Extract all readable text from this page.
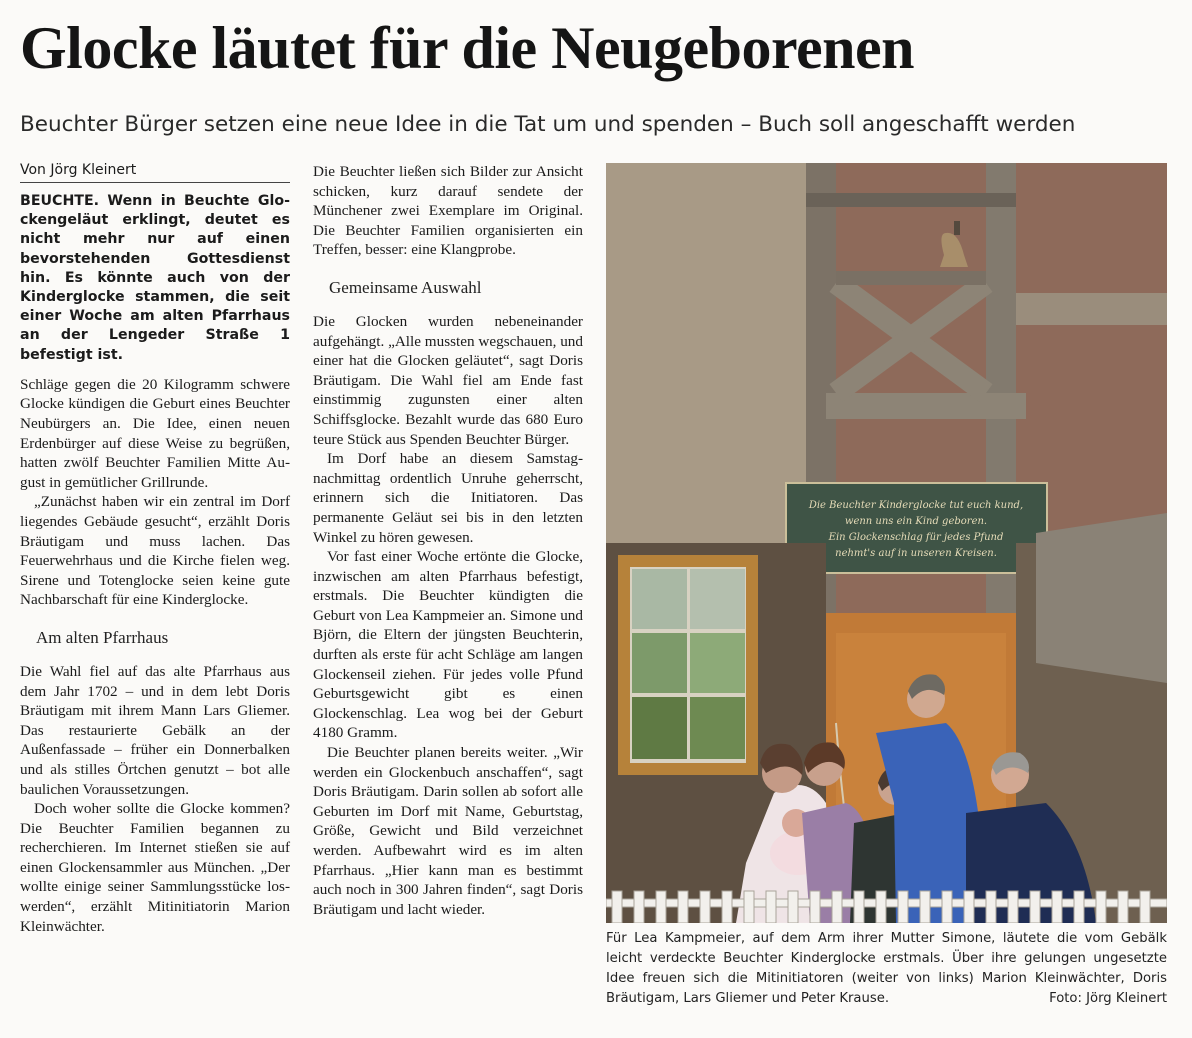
Glocke läutet für die Neugeborenen

Beuchter Bürger setzen eine neue Idee in die Tat um und spenden – Buch soll angeschafft werden

Von Jörg Kleinert

BEUCHTE. Wenn in Beuchte Glockengeläut erklingt, deutet es nicht mehr nur auf einen bevorstehenden Gottesdienst hin. Es könnte auch von der Kinderglocke stammen, die seit einer Woche am alten Pfarrhaus an der Lengeder Straße 1 befestigt ist.

Schläge gegen die 20 Kilogramm schwere Glocke kündigen die Geburt eines Beuchter Neubürgers an. Die Idee, einen neuen Erdenbürger auf diese Weise zu begrüßen, hatten zwölf Beuchter Familien Mitte August in gemütlicher Grillrunde.

„Zunächst haben wir ein zentral im Dorf liegendes Gebäude gesucht“, erzählt Doris Bräutigam und muss lachen. Das Feuerwehrhaus und die Kirche fielen weg. Sirene und Totenglocke seien keine gute Nachbarschaft für eine Kinderglocke.

Am alten Pfarrhaus

Die Wahl fiel auf das alte Pfarrhaus aus dem Jahr 1702 – und in dem lebt Doris Bräutigam mit ihrem Mann Lars Gliemer. Das restaurierte Gebälk an der Außenfassade – früher ein Donnerbalken und als stilles Örtchen genutzt – bot alle baulichen Voraussetzungen.

Doch woher sollte die Glocke kommen? Die Beuchter Familien begannen zu recherchieren. Im Internet stießen sie auf einen Glockensammler aus München. „Der wollte einige seiner Sammlungsstücke loswerden“, erzählt Mitinitiatorin Marion Kleinwächter.

Die Beuchter ließen sich Bilder zur Ansicht schicken, kurz darauf sendete der Münchener zwei Exemplare im Original. Die Beuchter Familien organisierten ein Treffen, besser: eine Klangprobe.

Gemeinsame Auswahl

Die Glocken wurden nebeneinander aufgehängt. „Alle mussten wegschauen, und einer hat die Glocken geläutet“, sagt Doris Bräutigam. Die Wahl fiel am Ende fast einstimmig zugunsten einer alten Schiffsglocke. Bezahlt wurde das 680 Euro teure Stück aus Spenden Beuchter Bürger.

Im Dorf habe an diesem Samstagnachmittag ordentlich Unruhe geherrscht, erinnern sich die Initiatoren. Das permanente Geläut sei bis in den letzten Winkel zu hören gewesen.

Vor fast einer Woche ertönte die Glocke, inzwischen am alten Pfarrhaus befestigt, erstmals. Die Beuchter kündigten die Geburt von Lea Kampmeier an. Simone und Björn, die Eltern der jüngsten Beuchterin, durften als erste für acht Schläge am langen Glockenseil ziehen. Für jedes volle Pfund Geburtsgewicht gibt es einen Glockenschlag. Lea wog bei der Geburt 4180 Gramm.

Die Beuchter planen bereits weiter. „Wir werden ein Glockenbuch anschaffen“, sagt Doris Bräutigam. Darin sollen ab sofort alle Geburten im Dorf mit Name, Geburtstag, Größe, Gewicht und Bild verzeichnet werden. Aufbewahrt wird es im alten Pfarrhaus. „Hier kann man es bestimmt auch noch in 300 Jahren finden“, sagt Doris Bräutigam und lacht wieder.

Die Beuchter Kinderglocke tut euch kund,
wenn uns ein Kind geboren.
Ein Glockenschlag für jedes Pfund
nehmt's auf in unseren Kreisen.

Für Lea Kampmeier, auf dem Arm ihrer Mutter Simone, läutete die vom Gebälk leicht verdeckte Beuchter Kinderglocke erstmals. Über ihre gelungen ungesetzte Idee freuen sich die Mitinitiatoren (weiter von links) Marion Kleinwächter, Doris Bräutigam, Lars Gliemer und Peter Krause.	Foto: Jörg Kleinert
